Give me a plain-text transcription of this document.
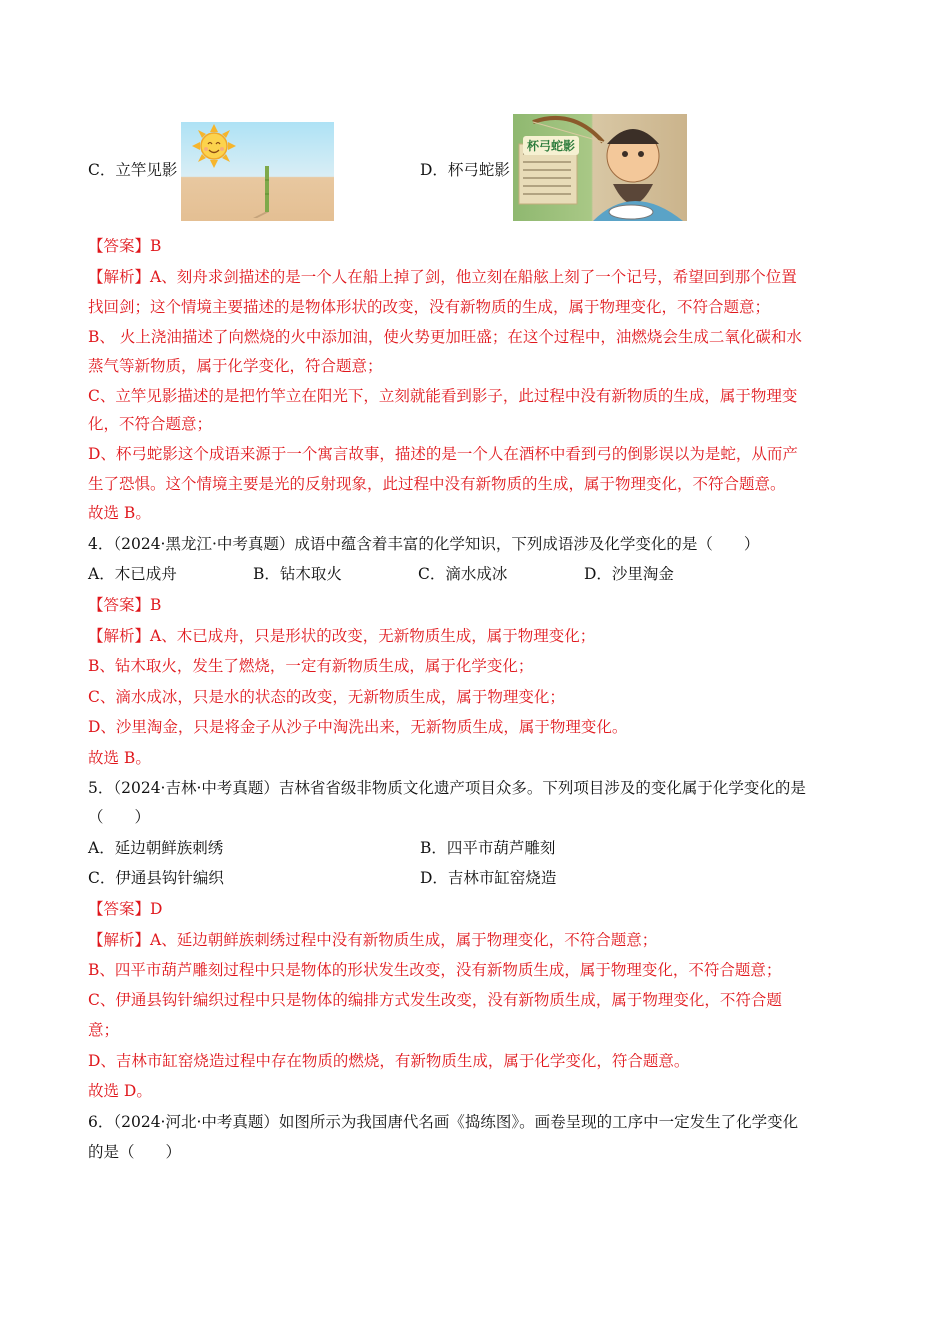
C．立竿见影	D．杯弓蛇影
杯弓蛇影
【答案】B
【解析】A、刻舟求剑描述的是一个人在船上掉了剑，他立刻在船舷上刻了一个记号，希望回到那个位置
找回剑；这个情境主要描述的是物体形状的改变，没有新物质的生成，属于物理变化，不符合题意；
B、 火上浇油描述了向燃烧的火中添加油，使火势更加旺盛；在这个过程中，油燃烧会生成二氧化碳和水
蒸气等新物质，属于化学变化，符合题意；
C、立竿见影描述的是把竹竿立在阳光下，立刻就能看到影子，此过程中没有新物质的生成，属于物理变
化，不符合题意；
D、杯弓蛇影这个成语来源于一个寓言故事，描述的是一个人在酒杯中看到弓的倒影误以为是蛇，从而产
生了恐惧。这个情境主要是光的反射现象，此过程中没有新物质的生成，属于物理变化，不符合题意。
故选 B。
4．（2024·黑龙江·中考真题）成语中蕴含着丰富的化学知识，下列成语涉及化学变化的是（　　）
A．木已成舟	B．钻木取火	C．滴水成冰	D．沙里淘金
【答案】B
【解析】A、木已成舟，只是形状的改变，无新物质生成，属于物理变化；
B、钻木取火，发生了燃烧，一定有新物质生成，属于化学变化；
C、滴水成冰，只是水的状态的改变，无新物质生成，属于物理变化；
D、沙里淘金，只是将金子从沙子中淘洗出来，无新物质生成，属于物理变化。
故选 B。
5．（2024·吉林·中考真题）吉林省省级非物质文化遗产项目众多。下列项目涉及的变化属于化学变化的是
（　　）
A．延边朝鲜族刺绣	B．四平市葫芦雕刻
C．伊通县钩针编织	D．吉林市缸窑烧造
【答案】D
【解析】A、延边朝鲜族刺绣过程中没有新物质生成，属于物理变化，不符合题意；
B、四平市葫芦雕刻过程中只是物体的形状发生改变，没有新物质生成，属于物理变化，不符合题意；
C、伊通县钩针编织过程中只是物体的编排方式发生改变，没有新物质生成，属于物理变化，不符合题
意；
D、吉林市缸窑烧造过程中存在物质的燃烧，有新物质生成，属于化学变化，符合题意。
故选 D。
6．（2024·河北·中考真题）如图所示为我国唐代名画《捣练图》。画卷呈现的工序中一定发生了化学变化
的是（　　）
